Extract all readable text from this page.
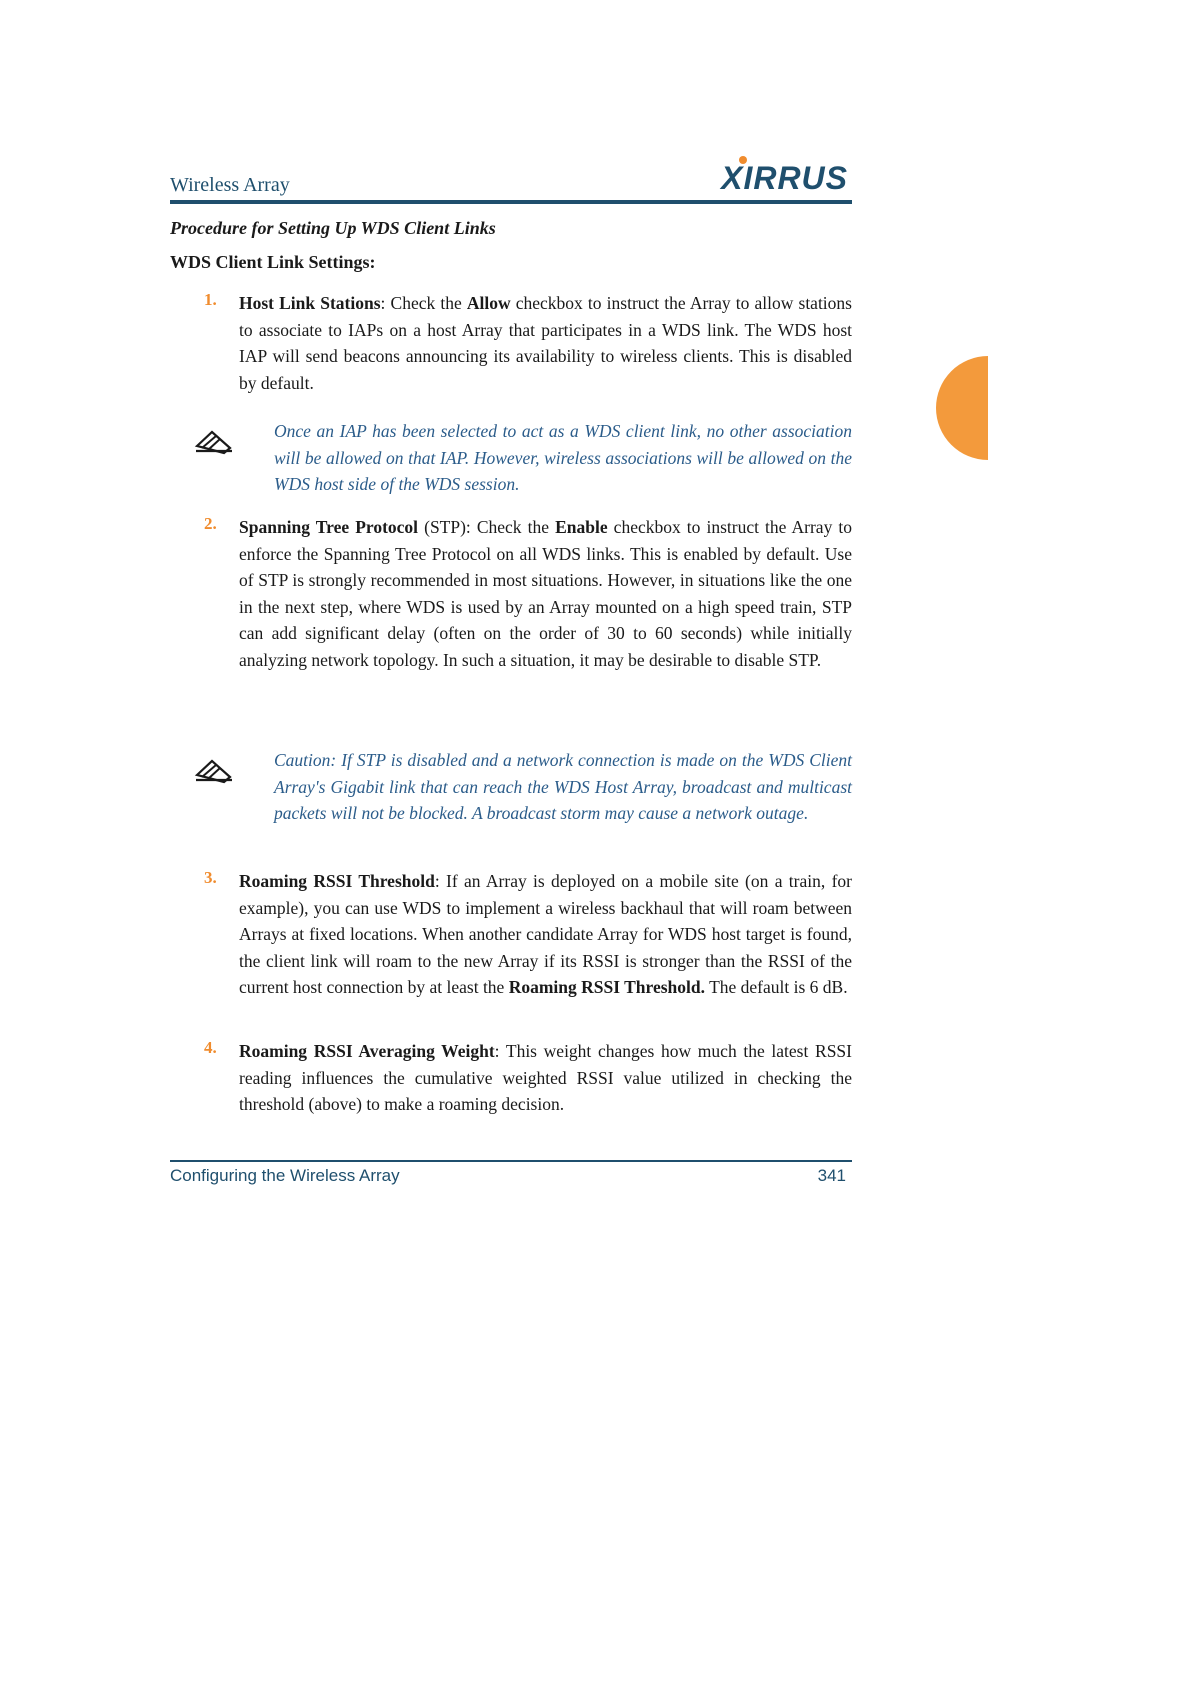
Wireless Array	XIRRUS
Procedure for Setting Up WDS Client Links
WDS Client Link Settings:
1. Host Link Stations: Check the Allow checkbox to instruct the Array to allow stations to associate to IAPs on a host Array that participates in a WDS link. The WDS host IAP will send beacons announcing its availability to wireless clients. This is disabled by default.
Once an IAP has been selected to act as a WDS client link, no other association will be allowed on that IAP. However, wireless associations will be allowed on the WDS host side of the WDS session.
2. Spanning Tree Protocol (STP): Check the Enable checkbox to instruct the Array to enforce the Spanning Tree Protocol on all WDS links. This is enabled by default. Use of STP is strongly recommended in most situations. However, in situations like the one in the next step, where WDS is used by an Array mounted on a high speed train, STP can add significant delay (often on the order of 30 to 60 seconds) while initially analyzing network topology. In such a situation, it may be desirable to disable STP.
Caution: If STP is disabled and a network connection is made on the WDS Client Array's Gigabit link that can reach the WDS Host Array, broadcast and multicast packets will not be blocked. A broadcast storm may cause a network outage.
3. Roaming RSSI Threshold: If an Array is deployed on a mobile site (on a train, for example), you can use WDS to implement a wireless backhaul that will roam between Arrays at fixed locations. When another candidate Array for WDS host target is found, the client link will roam to the new Array if its RSSI is stronger than the RSSI of the current host connection by at least the Roaming RSSI Threshold. The default is 6 dB.
4. Roaming RSSI Averaging Weight: This weight changes how much the latest RSSI reading influences the cumulative weighted RSSI value utilized in checking the threshold (above) to make a roaming decision.
Configuring the Wireless Array	341
